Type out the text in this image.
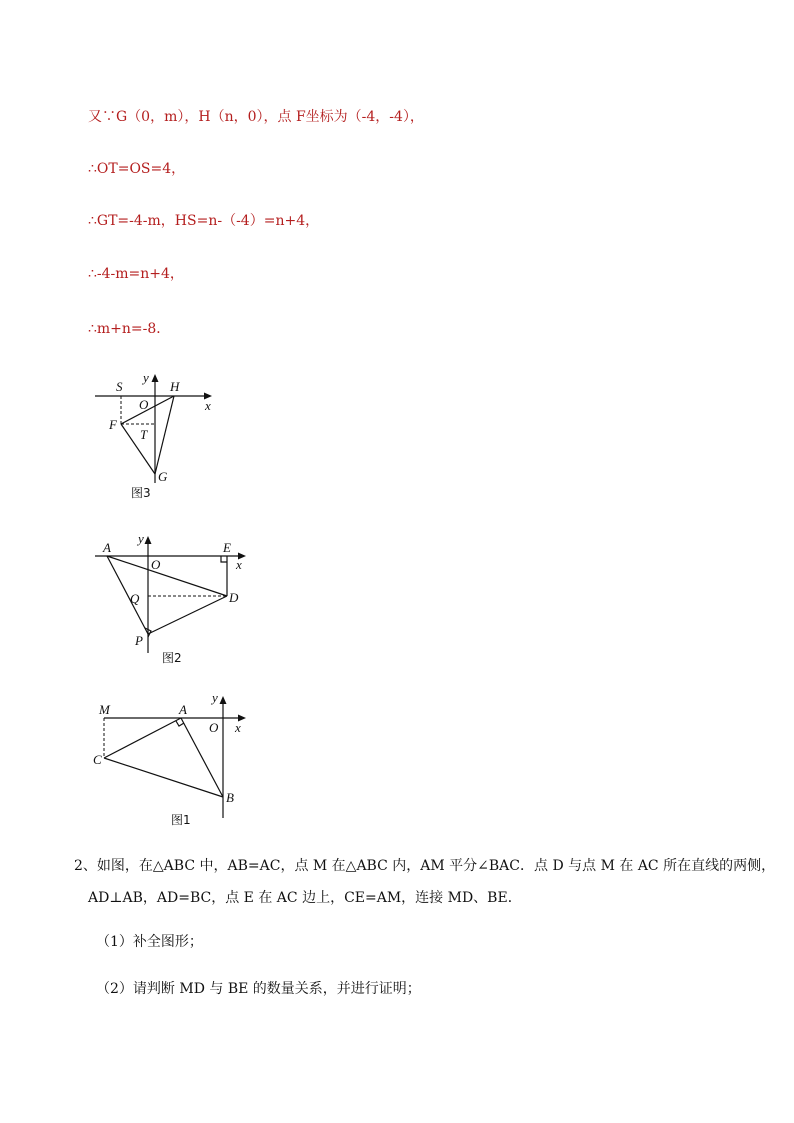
又∵G（0，m），H（n，0），点 F坐标为（-4，-4），
∴OT=OS=4，
∴GT=-4-m，HS=n-（-4）=n+4，
∴-4-m=n+4，
∴m+n=-8．
S
y
H
O	x
F
T
G
图3
A
y
E
O	x
Q	D
P
图2
M	A
y
O x
C
B
图1
2、如图，在△ABC 中，AB=AC，点 M 在△ABC 内，AM 平分∠BAC．点 D 与点 M 在 AC 所在直线的两侧，
AD⊥AB，AD=BC，点 E 在 AC 边上，CE=AM，连接 MD、BE．
（1）补全图形；
（2）请判断 MD 与 BE 的数量关系，并进行证明；
